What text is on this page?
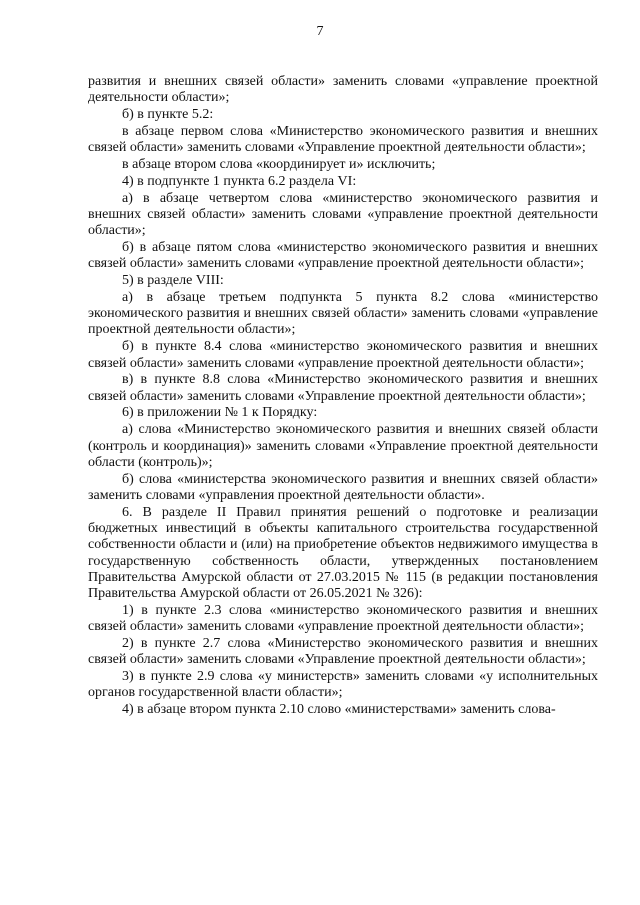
7

развития и внешних связей области» заменить словами «управление проектной деятельности области»;

б) в пункте 5.2:

в абзаце первом слова «Министерство экономического развития и внешних связей области» заменить словами «Управление проектной деятельности области»;

в абзаце втором слова «координирует и» исключить;

4) в подпункте 1 пункта 6.2 раздела VI:

а) в абзаце четвертом слова «министерство экономического развития и внешних связей области» заменить словами «управление проектной деятельности области»;

б) в абзаце пятом слова «министерство экономического развития и внешних связей области» заменить словами «управление проектной деятельности области»;

5) в разделе VIII:

а) в абзаце третьем подпункта 5 пункта 8.2 слова «министерство экономического развития и внешних связей области» заменить словами «управление проектной деятельности области»;

б) в пункте 8.4 слова «министерство экономического развития и внешних связей области» заменить словами «управление проектной деятельности области»;

в) в пункте 8.8 слова «Министерство экономического развития и внешних связей области» заменить словами «Управление проектной деятельности области»;

6) в приложении № 1 к Порядку:

а) слова «Министерство экономического развития и внешних связей области (контроль и координация)» заменить словами «Управление проектной деятельности области (контроль)»;

б) слова «министерства экономического развития и внешних связей области» заменить словами «управления проектной деятельности области».

6. В разделе II Правил принятия решений о подготовке и реализации бюджетных инвестиций в объекты капитального строительства государственной собственности области и (или) на приобретение объектов недвижимого имущества в государственную собственность области, утвержденных постановлением Правительства Амурской области от 27.03.2015 № 115 (в редакции постановления Правительства Амурской области от 26.05.2021 № 326):

1) в пункте 2.3 слова «министерство экономического развития и внешних связей области» заменить словами «управление проектной деятельности области»;

2) в пункте 2.7 слова «Министерство экономического развития и внешних связей области» заменить словами «Управление проектной деятельности области»;

3) в пункте 2.9 слова «у министерств» заменить словами «у исполнительных органов государственной власти области»;

4) в абзаце втором пункта 2.10 слово «министерствами» заменить слова-
